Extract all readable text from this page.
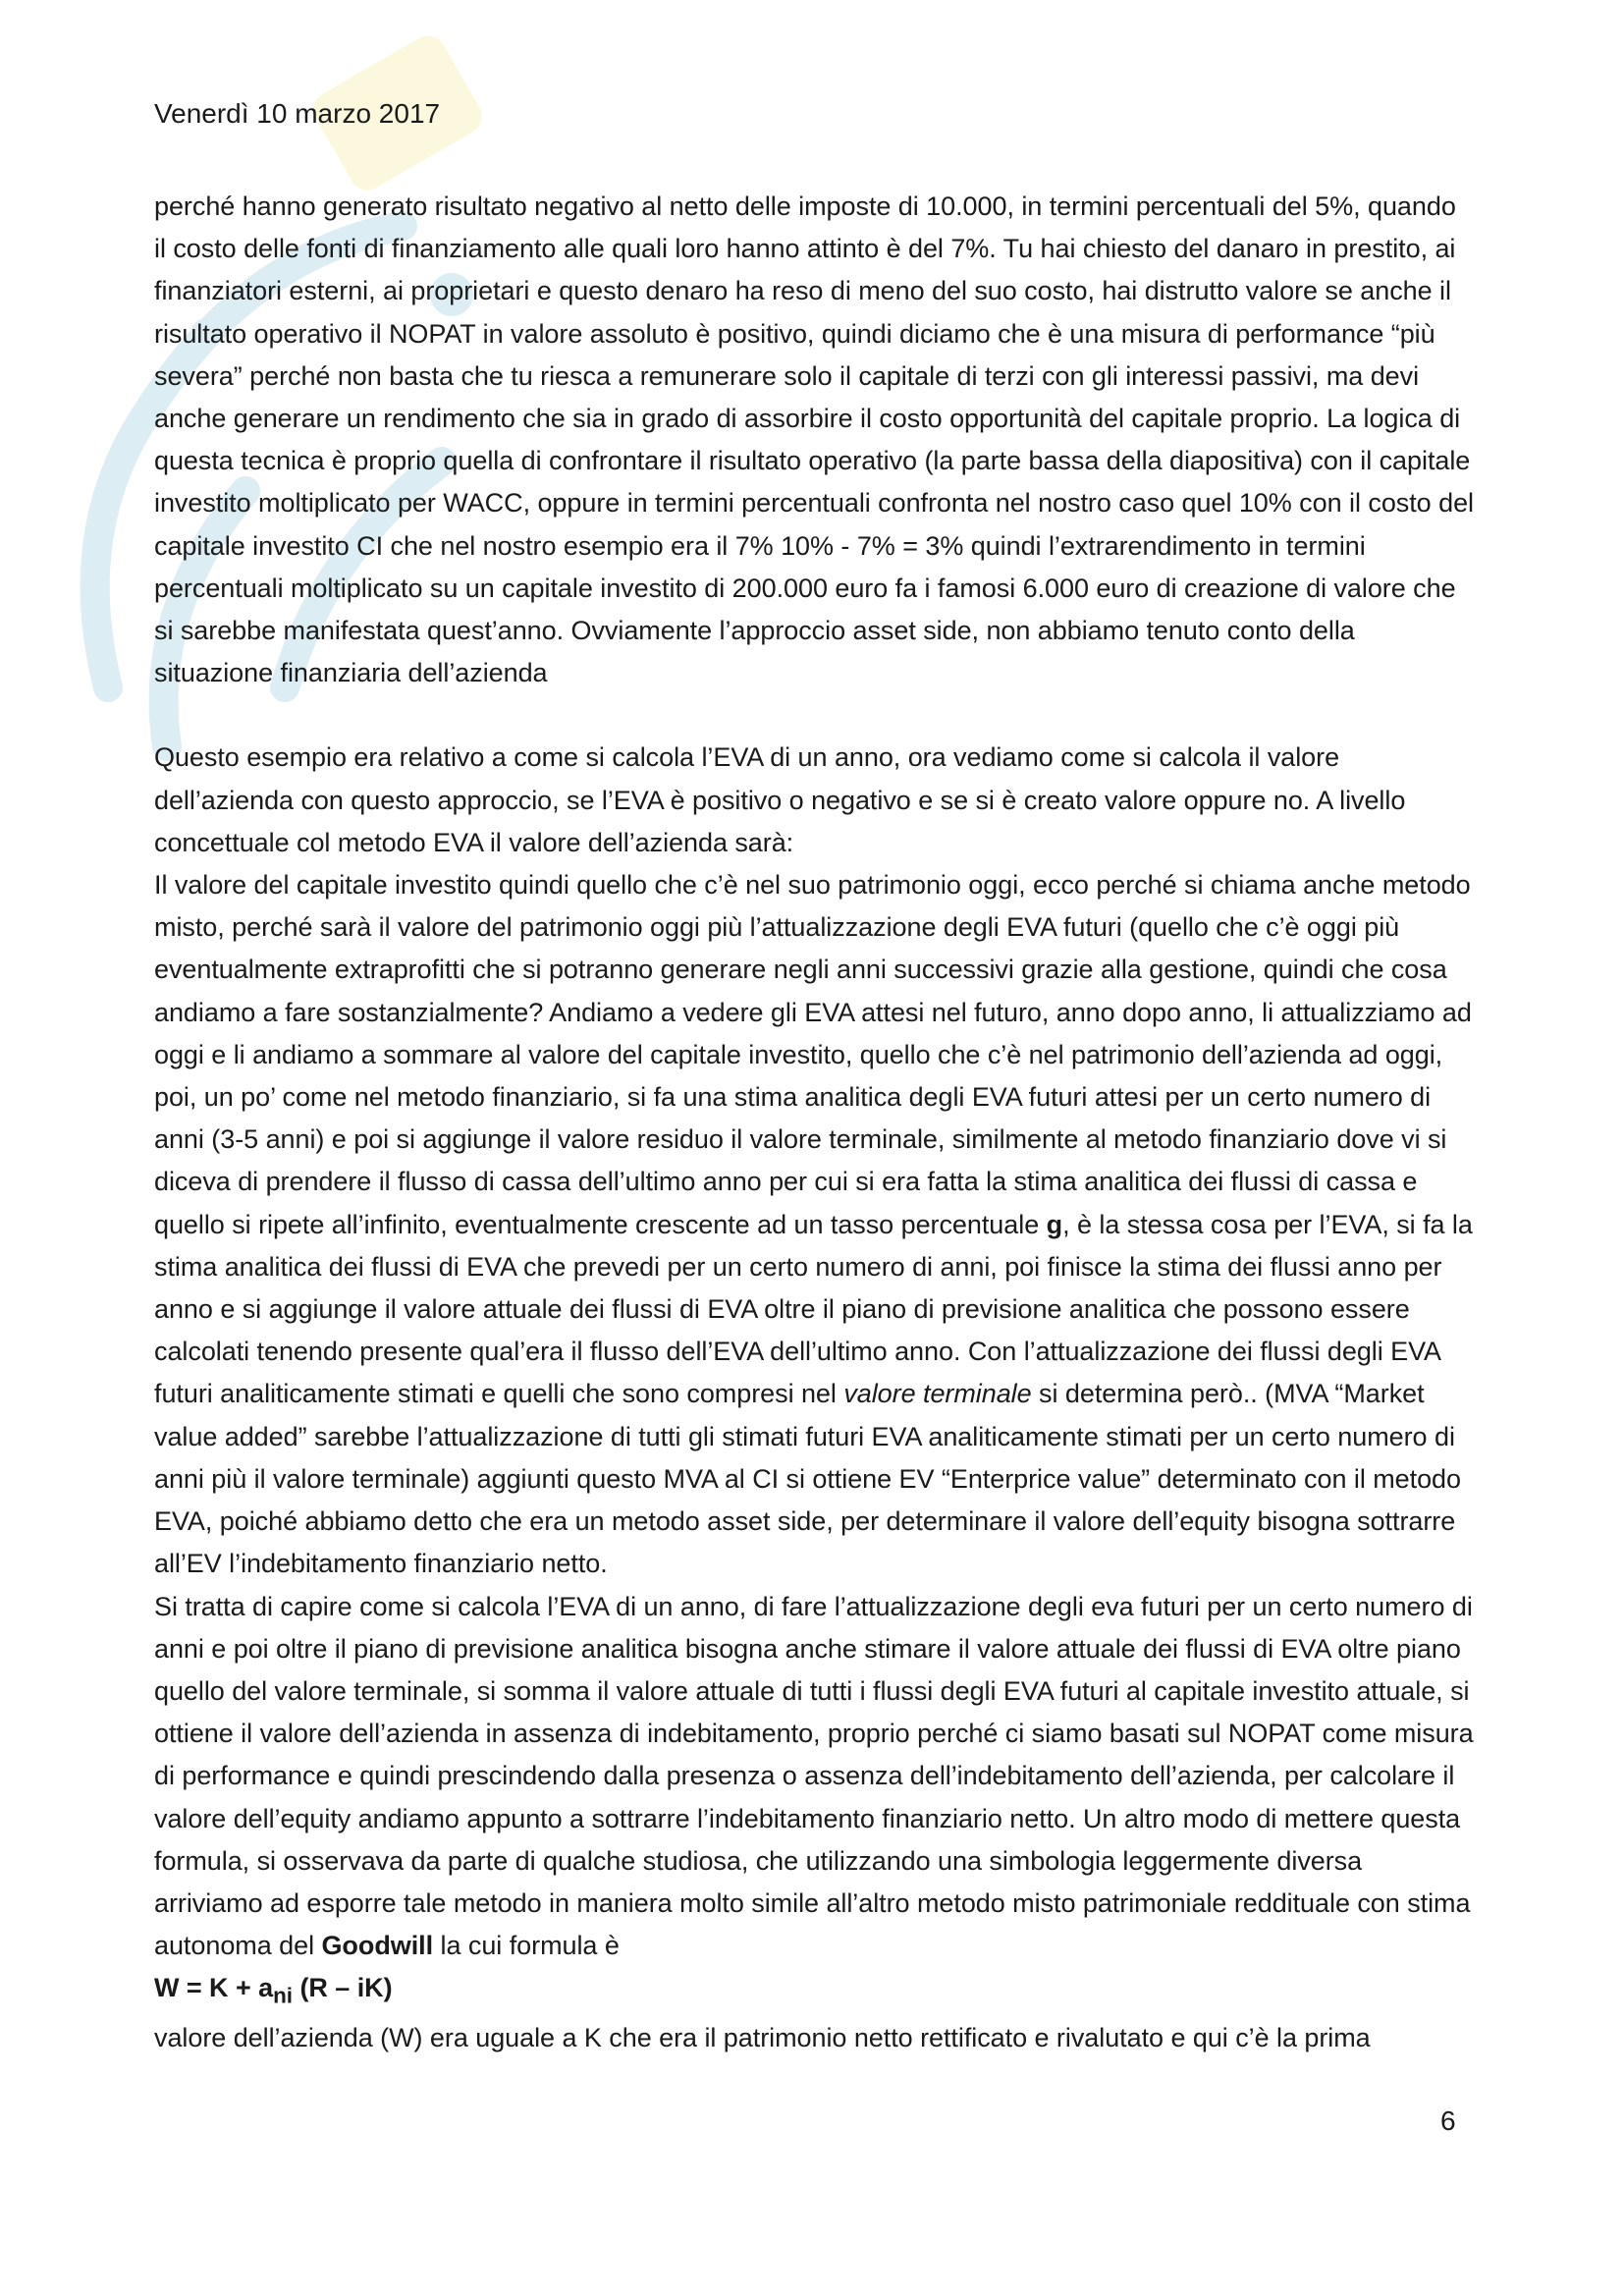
Venerdì 10 marzo 2017

perché hanno generato risultato negativo al netto delle imposte di 10.000, in termini percentuali del 5%, quando il costo delle fonti di finanziamento alle quali loro hanno attinto è del 7%. Tu hai chiesto del danaro in prestito, ai finanziatori esterni, ai proprietari e questo denaro ha reso di meno del suo costo, hai distrutto valore se anche il risultato operativo il NOPAT in valore assoluto è positivo, quindi diciamo che è una misura di performance “più severa” perché non basta che tu riesca a remunerare solo il capitale di terzi con gli interessi passivi, ma devi anche generare un rendimento che sia in grado di assorbire il costo opportunità del capitale proprio. La logica di questa tecnica è proprio quella di confrontare il risultato operativo (la parte bassa della diapositiva) con il capitale investito moltiplicato per WACC, oppure in termini percentuali confronta nel nostro caso quel 10% con il costo del capitale investito CI che nel nostro esempio era il 7% 10% - 7% = 3% quindi l’extrarendimento in termini percentuali moltiplicato su un capitale investito di 200.000 euro fa i famosi 6.000 euro di creazione di valore che si sarebbe manifestata quest’anno. Ovviamente l’approccio asset side, non abbiamo tenuto conto della situazione finanziaria dell’azienda

Questo esempio era relativo a come si calcola l’EVA di un anno, ora vediamo come si calcola il valore dell’azienda con questo approccio, se l’EVA è positivo o negativo e se si è creato valore oppure no. A livello concettuale col metodo EVA il valore dell’azienda sarà:

Il valore del capitale investito quindi quello che c’è nel suo patrimonio oggi, ecco perché si chiama anche metodo misto, perché sarà il valore del patrimonio oggi più l’attualizzazione degli EVA futuri (quello che c’è oggi più eventualmente extraprofitti che si potranno generare negli anni successivi grazie alla gestione, quindi che cosa andiamo a fare sostanzialmente? Andiamo a vedere gli EVA attesi nel futuro, anno dopo anno, li attualizziamo ad oggi e li andiamo a sommare al valore del capitale investito, quello che c’è nel patrimonio dell’azienda ad oggi, poi, un po’ come nel metodo finanziario, si fa una stima analitica degli EVA futuri attesi per un certo numero di anni (3-5 anni) e poi si aggiunge il valore residuo il valore terminale, similmente al metodo finanziario dove vi si diceva di prendere il flusso di cassa dell’ultimo anno per cui si era fatta la stima analitica dei flussi di cassa e quello si ripete all’infinito, eventualmente crescente ad un tasso percentuale g, è la stessa cosa per l’EVA, si fa la stima analitica dei flussi di EVA che prevedi per un certo numero di anni, poi finisce la stima dei flussi anno per anno e si aggiunge il valore attuale dei flussi di EVA oltre il piano di previsione analitica che possono essere calcolati tenendo presente qual’era il flusso dell’EVA dell’ultimo anno. Con l’attualizzazione dei flussi degli EVA futuri analiticamente stimati e quelli che sono compresi nel valore terminale si determina però.. (MVA “Market value added” sarebbe l’attualizzazione di tutti gli stimati futuri EVA analiticamente stimati per un certo numero di anni più il valore terminale) aggiunti questo MVA al CI si ottiene EV “Enterprice value” determinato con il metodo EVA, poiché abbiamo detto che era un metodo asset side, per determinare il valore dell’equity bisogna sottrarre all’EV l’indebitamento finanziario netto.

Si tratta di capire come si calcola l’EVA di un anno, di fare l’attualizzazione degli eva futuri per un certo numero di anni e poi oltre il piano di previsione analitica bisogna anche stimare il valore attuale dei flussi di EVA oltre piano quello del valore terminale, si somma il valore attuale di tutti i flussi degli EVA futuri al capitale investito attuale, si ottiene il valore dell’azienda in assenza di indebitamento, proprio perché ci siamo basati sul NOPAT come misura di performance e quindi prescindendo dalla presenza o assenza dell’indebitamento dell’azienda, per calcolare il valore dell’equity andiamo appunto a sottrarre l’indebitamento finanziario netto. Un altro modo di mettere questa formula, si osservava da parte di qualche studiosa, che utilizzando una simbologia leggermente diversa arriviamo ad esporre tale metodo in maniera molto simile all’altro metodo misto patrimoniale reddituale con stima autonoma del Goodwill la cui formula è

$W = K + a_{ni}$ (R – iK)

valore dell’azienda (W) era uguale a K che era il patrimonio netto rettificato e rivalutato e qui c’è la prima

6
